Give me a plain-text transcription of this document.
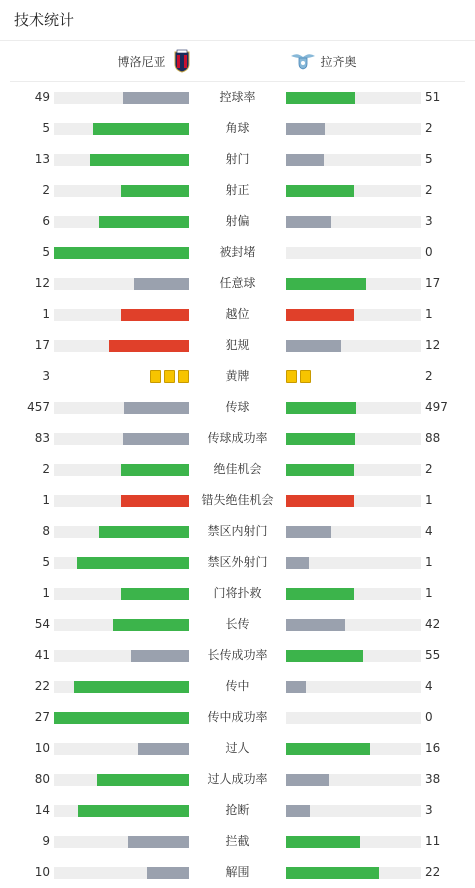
技术统计
博洛尼亚	拉齐奥
49	控球率	51
5	角球	2
13	射门	5
2	射正	2
6	射偏	3
5	被封堵	0
12	任意球	17
1	越位	1
17	犯规	12
3	黄牌	2
457	传球	497
83	传球成功率	88
2	绝佳机会	2
1	错失绝佳机会	1
8	禁区内射门	4
5	禁区外射门	1
1	门将扑救	1
54	长传	42
41	长传成功率	55
22	传中	4
27	传中成功率	0
10	过人	16
80	过人成功率	38
14	抢断	3
9	拦截	11
10	解围	22
